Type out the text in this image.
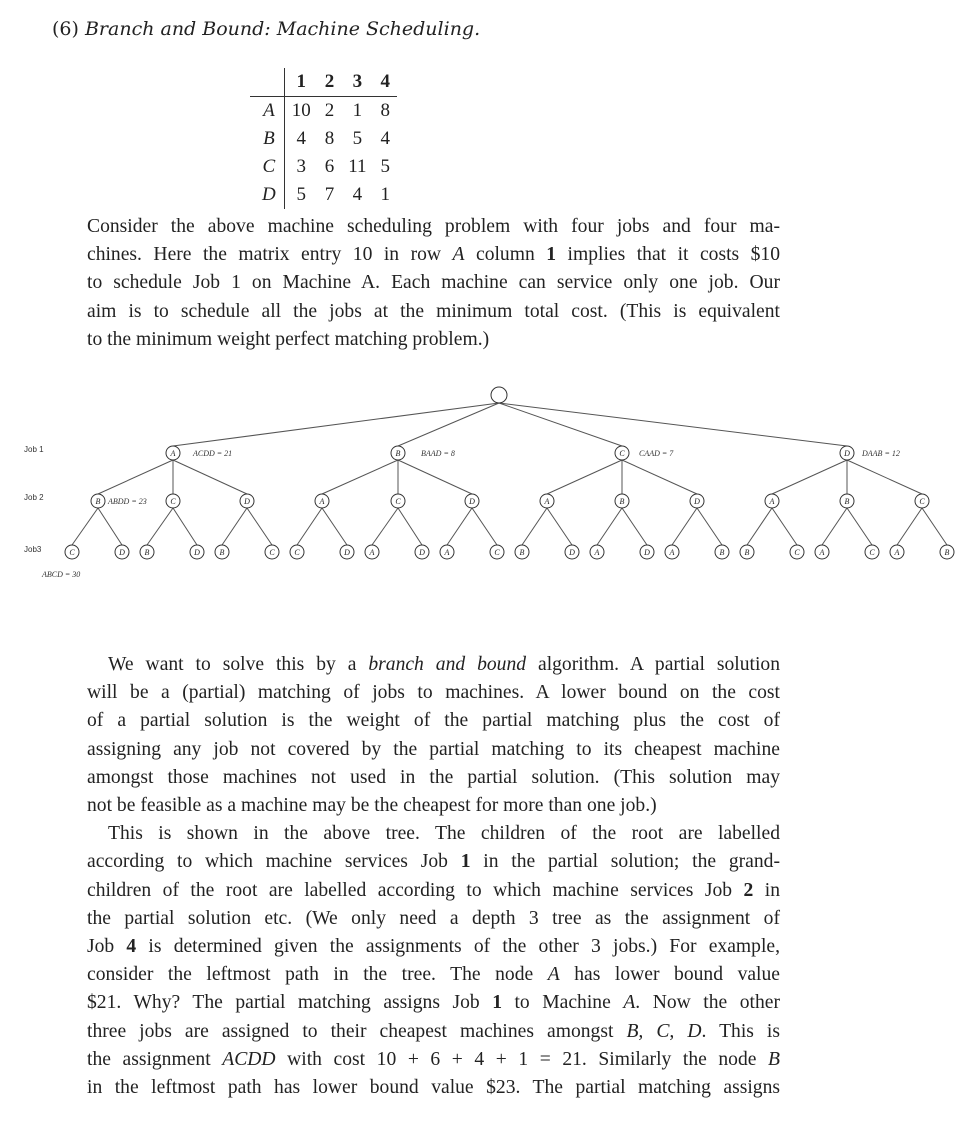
(6) Branch and Bound: Machine Scheduling.
	1	2	3	4
A	10	2	1	8
B	4	8	5	4
C	3	6	11	5
D	5	7	4	1
Consider the above machine scheduling problem with four jobs and four ma-
chines. Here the matrix entry 10 in row A column 1 implies that it costs $10
to schedule Job 1 on Machine A. Each machine can service only one job. Our
aim is to schedule all the jobs at the minimum total cost. (This is equivalent
to the minimum weight perfect matching problem.)
A	B	C	D
B	C	D	A	C	D	A	B	D	A	B	C
C	D B	D B	C C	D A	D A	C B	D A	D A	B	B	C A	C A	B
Job 1
Job 2
Job3
ACDD = 21	BAAD = 8	CAAD = 7	DAAB = 12
ABDD = 23
ABCD = 30
We want to solve this by a branch and bound algorithm. A partial solution
will be a (partial) matching of jobs to machines. A lower bound on the cost
of a partial solution is the weight of the partial matching plus the cost of
assigning any job not covered by the partial matching to its cheapest machine
amongst those machines not used in the partial solution. (This solution may
not be feasible as a machine may be the cheapest for more than one job.)
This is shown in the above tree. The children of the root are labelled
according to which machine services Job 1 in the partial solution; the grand-
children of the root are labelled according to which machine services Job 2 in
the partial solution etc. (We only need a depth 3 tree as the assignment of
Job 4 is determined given the assignments of the other 3 jobs.) For example,
consider the leftmost path in the tree. The node A has lower bound value
$21. Why? The partial matching assigns Job 1 to Machine A. Now the other
three jobs are assigned to their cheapest machines amongst B, C, D. This is
the assignment ACDD with cost 10 + 6 + 4 + 1 = 21. Similarly the node B
in the leftmost path has lower bound value $23. The partial matching assigns
